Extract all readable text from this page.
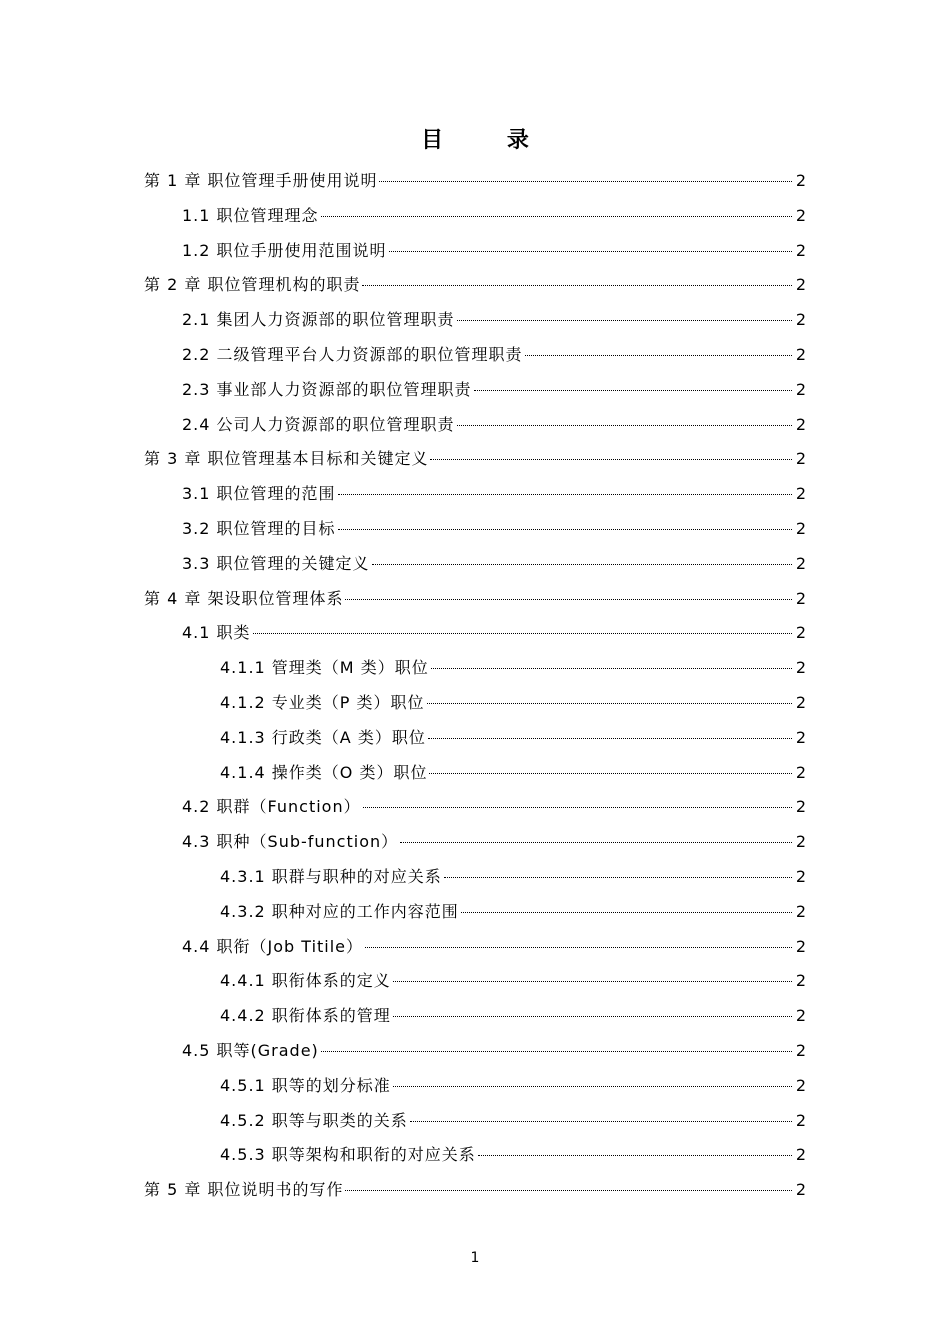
目 录
第 1 章 职位管理手册使用说明	2
1.1 职位管理理念	2
1.2 职位手册使用范围说明	2
第 2 章 职位管理机构的职责	2
2.1 集团人力资源部的职位管理职责	2
2.2 二级管理平台人力资源部的职位管理职责	2
2.3 事业部人力资源部的职位管理职责	2
2.4 公司人力资源部的职位管理职责	2
第 3 章 职位管理基本目标和关键定义	2
3.1 职位管理的范围	2
3.2 职位管理的目标	2
3.3 职位管理的关键定义	2
第 4 章 架设职位管理体系	2
4.1 职类	2
4.1.1 管理类（M 类）职位	2
4.1.2 专业类（P 类）职位	2
4.1.3 行政类（A 类）职位	2
4.1.4 操作类（O 类）职位	2
4.2 职群（Function）	2
4.3 职种（Sub-function）	2
4.3.1 职群与职种的对应关系	2
4.3.2 职种对应的工作内容范围	2
4.4 职衔（Job Titile）	2
4.4.1 职衔体系的定义	2
4.4.2 职衔体系的管理	2
4.5 职等(Grade)	2
4.5.1 职等的划分标准	2
4.5.2 职等与职类的关系	2
4.5.3 职等架构和职衔的对应关系	2
第 5 章 职位说明书的写作	2
1
